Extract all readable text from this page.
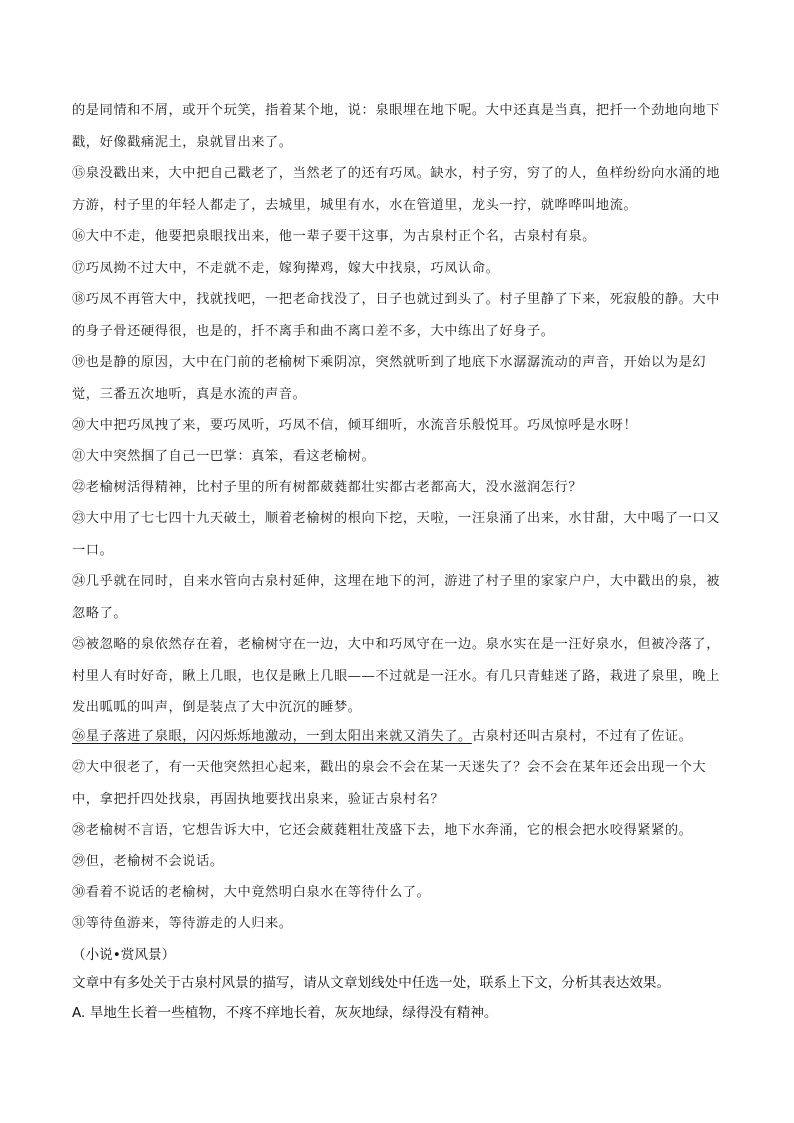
的是同情和不屑，或开个玩笑，指着某个地，说：泉眼埋在地下呢。大中还真是当真，把扦一个劲地向地下戳，好像戳痛泥土，泉就冒出来了。

⑮泉没戳出来，大中把自己戳老了，当然老了的还有巧凤。缺水，村子穷，穷了的人，鱼样纷纷向水涌的地方游，村子里的年轻人都走了，去城里，城里有水，水在管道里，龙头一拧，就哗哗叫地流。

⑯大中不走，他要把泉眼找出来，他一辈子要干这事，为古泉村正个名，古泉村有泉。

⑰巧凤拗不过大中，不走就不走，嫁狗撵鸡，嫁大中找泉，巧凤认命。

⑱巧凤不再管大中，找就找吧，一把老命找没了，日子也就过到头了。村子里静了下来，死寂般的静。大中的身子骨还硬得很，也是的，扦不离手和曲不离口差不多，大中练出了好身子。

⑲也是静的原因，大中在门前的老榆树下乘阴凉，突然就听到了地底下水潺潺流动的声音，开始以为是幻觉，三番五次地听，真是水流的声音。

⑳大中把巧凤拽了来，要巧凤听，巧凤不信，倾耳细听，水流音乐般悦耳。巧凤惊呼是水呀！

㉑大中突然掴了自己一巴掌：真笨，看这老榆树。

㉒老榆树活得精神，比村子里的所有树都葳蕤都壮实都古老都高大，没水滋润怎行？

㉓大中用了七七四十九天破土，顺着老榆树的根向下挖，天啦，一汪泉涌了出来，水甘甜，大中喝了一口又一口。

㉔几乎就在同时，自来水管向古泉村延伸，这埋在地下的河，游进了村子里的家家户户，大中戳出的泉，被忽略了。

㉕被忽略的泉依然存在着，老榆树守在一边，大中和巧凤守在一边。泉水实在是一汪好泉水，但被冷落了，村里人有时好奇，瞅上几眼，也仅是瞅上几眼——不过就是一汪水。有几只青蛙迷了路，栽进了泉里，晚上发出呱呱的叫声，倒是装点了大中沉沉的睡梦。

㉖星子落进了泉眼，闪闪烁烁地激动，一到太阳出来就又消失了。古泉村还叫古泉村，不过有了佐证。

㉗大中很老了，有一天他突然担心起来，戳出的泉会不会在某一天迷失了？会不会在某年还会出现一个大中，拿把扦四处找泉，再固执地要找出泉来，验证古泉村名？

㉘老榆树不言语，它想告诉大中，它还会葳蕤粗壮茂盛下去，地下水奔涌，它的根会把水咬得紧紧的。

㉙但，老榆树不会说话。

㉚看着不说话的老榆树，大中竟然明白泉水在等待什么了。

㉛等待鱼游来，等待游走的人归来。

（小说•赏风景）

文章中有多处关于古泉村风景的描写，请从文章划线处中任选一处，联系上下文，分析其表达效果。

A. 旱地生长着一些植物，不疼不痒地长着，灰灰地绿，绿得没有精神。
